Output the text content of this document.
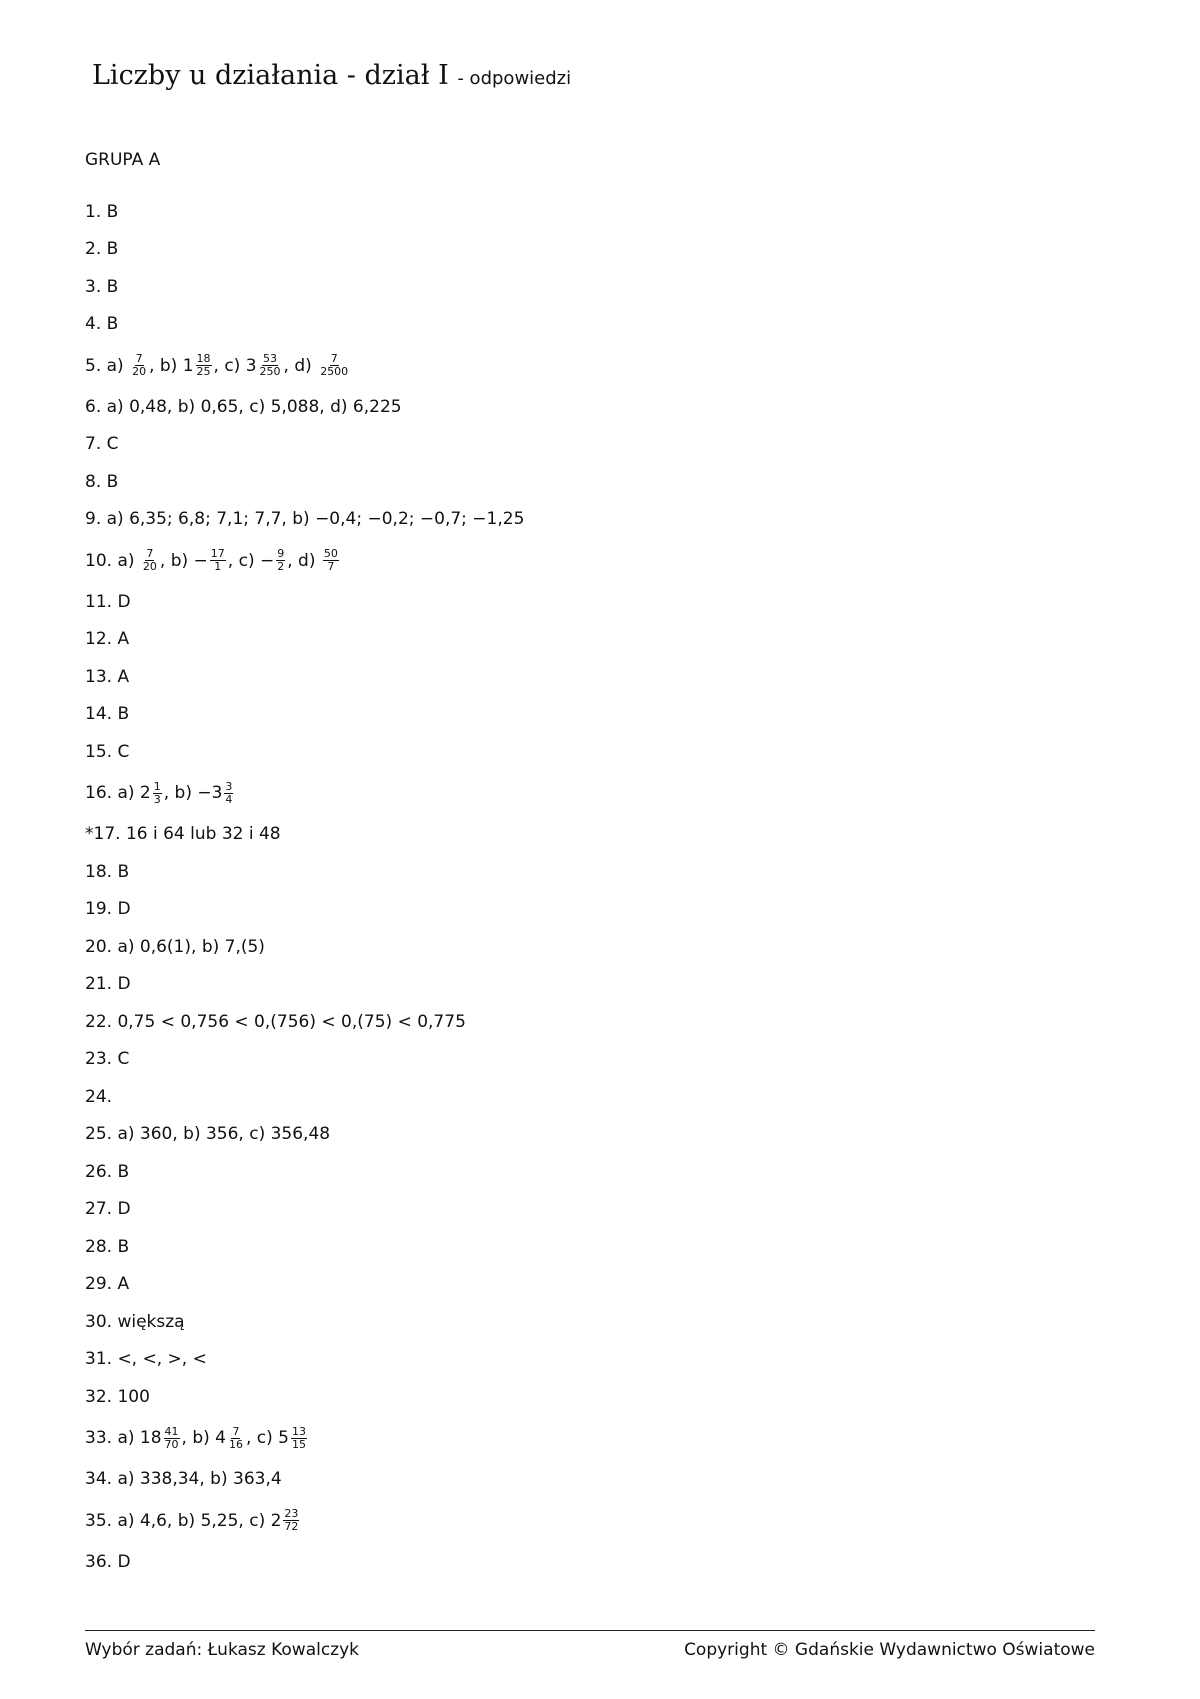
Liczby u działania - dział I - odpowiedzi
GRUPA A
1. B
2. B
3. B
4. B
5. $a) \frac{7}{20}$ , b) $1 \frac{18}{25}$ , c) $3 \frac{53}{250}$ , $d) \frac{7}{2500}$
6. a) 0,48, b) 0,65, c) 5,088, d) 6,225
7. C
8. B
9. a) 6,35; 6,8; 7,1; 7,7, b) −0,4; −0,2; −0,7; −1,25
10. $a) \frac{7}{20}$ , $b) - \frac{17}{1}$ , $c) - \frac{9}{2}$ , $d) \frac{50}{7}$
11. D
12. A
13. A
14. B
15. C
16. a) $2 \frac{1}{3}$ , $b) -3 \frac{3}{4}$
*17. 16 i 64 lub 32 i 48
18. B
19. D
20. a) 0,6(1), b) 7,(5)
21. D
22. 0,75 < 0,756 < 0,(756) < 0,(75) < 0,775
23. C
24.
25. a) 360, b) 356, c) 356,48
26. B
27. D
28. B
29. A
30. większą
31. <, <, >, <
32. 100
33. a) $18 \frac{41}{70}$ , b) $4 \frac{7}{16}$ , c) $5 \frac{13}{15}$
34. a) 338,34, b) 363,4
35. a) 4,6, b) 5,25, c) $2 \frac{23}{72}$
36. D
Wybór zadań: Łukasz Kowalczyk	Copyright © Gdańskie Wydawnictwo Oświatowe
